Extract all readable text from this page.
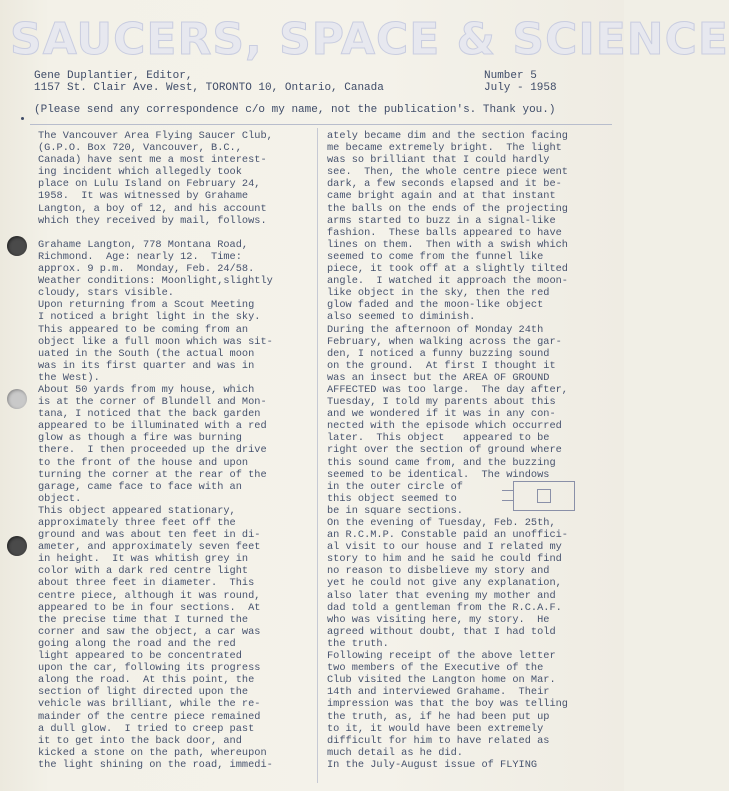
SAUCERS, SPACE & SCIENCE
Gene Duplantier, Editor,
1157 St. Clair Ave. West, TORONTO 10, Ontario, Canada
Number 5
July - 1958
(Please send any correspondence c/o my name, not the publication's. Thank you.)
The Vancouver Area Flying Saucer Club,
(G.P.O. Box 720, Vancouver, B.C.,
Canada) have sent me a most interest-
ing incident which allegedly took
place on Lulu Island on February 24,
1958.  It was witnessed by Grahame
Langton, a boy of 12, and his account
which they received by mail, follows.
Grahame Langton, 778 Montana Road,
Richmond.  Age: nearly 12.  Time:
approx. 9 p.m.  Monday, Feb. 24/58.
Weather conditions: Moonlight,slightly
cloudy, stars visible.
Upon returning from a Scout Meeting
I noticed a bright light in the sky.
This appeared to be coming from an
object like a full moon which was sit-
uated in the South (the actual moon
was in its first quarter and was in
the West).
About 50 yards from my house, which
is at the corner of Blundell and Mon-
tana, I noticed that the back garden
appeared to be illuminated with a red
glow as though a fire was burning
there.  I then proceeded up the drive
to the front of the house and upon
turning the corner at the rear of the
garage, came face to face with an
object.
This object appeared stationary,
approximately three feet off the
ground and was about ten feet in di-
ameter, and approximately seven feet
in height.  It was whitish grey in
color with a dark red centre light
about three feet in diameter.  This
centre piece, although it was round,
appeared to be in four sections.  At
the precise time that I turned the
corner and saw the object, a car was
going along the road and the red
light appeared to be concentrated
upon the car, following its progress
along the road.  At this point, the
section of light directed upon the
vehicle was brilliant, while the re-
mainder of the centre piece remained
a dull glow.  I tried to creep past
it to get into the back door, and
kicked a stone on the path, whereupon
the light shining on the road, immedi-
ately became dim and the section facing
me became extremely bright.  The light
was so brilliant that I could hardly
see.  Then, the whole centre piece went
dark, a few seconds elapsed and it be-
came bright again and at that instant
the balls on the ends of the projecting
arms started to buzz in a signal-like
fashion.  These balls appeared to have
lines on them.  Then with a swish which
seemed to come from the funnel like
piece, it took off at a slightly tilted
angle.  I watched it approach the moon-
like object in the sky, then the red
glow faded and the moon-like object
also seemed to diminish.
During the afternoon of Monday 24th
February, when walking across the gar-
den, I noticed a funny buzzing sound
on the ground.  At first I thought it
was an insect but the AREA OF GROUND
AFFECTED was too large.  The day after,
Tuesday, I told my parents about this
and we wondered if it was in any con-
nected with the episode which occurred
later.  This object   appeared to be
right over the section of ground where
this sound came from, and the buzzing
seemed to be identical.  The windows
in the outer circle of
this object seemed to
be in square sections.
On the evening of Tuesday, Feb. 25th,
an R.C.M.P. Constable paid an unoffici-
al visit to our house and I related my
story to him and he said he could find
no reason to disbelieve my story and
yet he could not give any explanation,
also later that evening my mother and
dad told a gentleman from the R.C.A.F.
who was visiting here, my story.  He
agreed without doubt, that I had told
the truth.
Following receipt of the above letter
two members of the Executive of the
Club visited the Langton home on Mar.
14th and interviewed Grahame.  Their
impression was that the boy was telling
the truth, as, if he had been put up
to it, it would have been extremely
difficult for him to have related as
much detail as he did.
In the July-August issue of FLYING
